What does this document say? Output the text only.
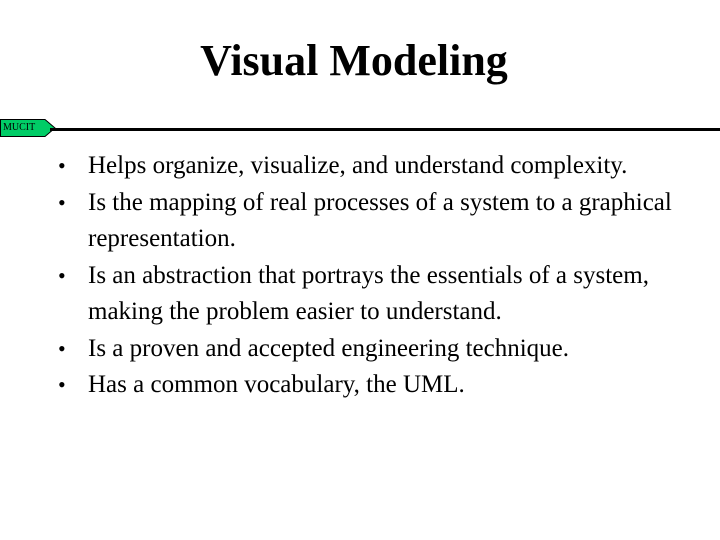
Visual Modeling
MUCIT
• Helps organize, visualize, and understand complexity.
• Is the mapping of real processes of a system to a graphical representation.
• Is an abstraction that portrays the essentials of a system, making the problem easier to understand.
• Is a proven and accepted engineering technique.
• Has a common vocabulary, the UML.
